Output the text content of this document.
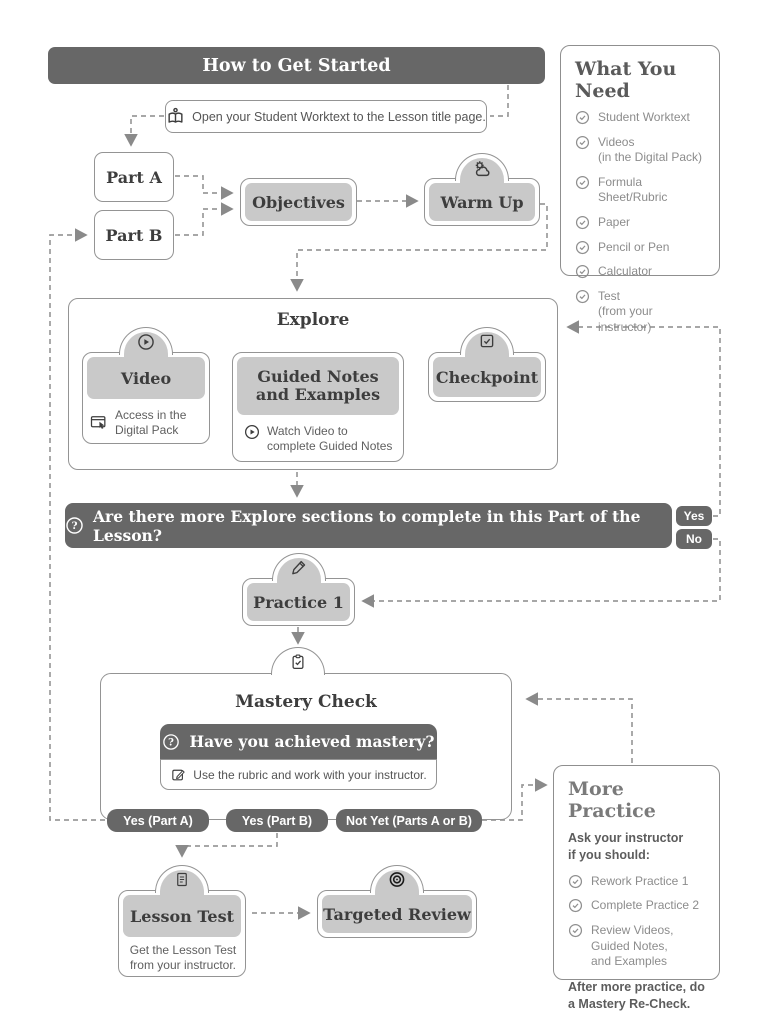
How to Get Started	What You Need
Student Worktext
Videos
(in the Digital Pack)
Formula Sheet/Rubric
Paper
Pencil or Pen
Calculator
Test
(from your instructor)
Open your Student Worktext to the Lesson title page.
Part A
Part B
Objectives	Warm Up
Explore
Video
Access in the
Digital Pack
Guided Notes
and Examples
Watch Video to
complete Guided Notes
Checkpoint
?
Are there more Explore sections to complete in this Part of the Lesson?
Yes
No
Practice 1
Mastery Check
? Have you achieved mastery?
Use the rubric and work with your instructor.
Yes (Part A)	Yes (Part B)	Not Yet (Parts A or B)
More Practice
Ask your instructor
if you should:
Rework Practice 1
Complete Practice 2
Review Videos,
Guided Notes,
and Examples
After more practice, do
a Mastery Re-Check.
Lesson Test
Get the Lesson Test
from your instructor.
Targeted Review
